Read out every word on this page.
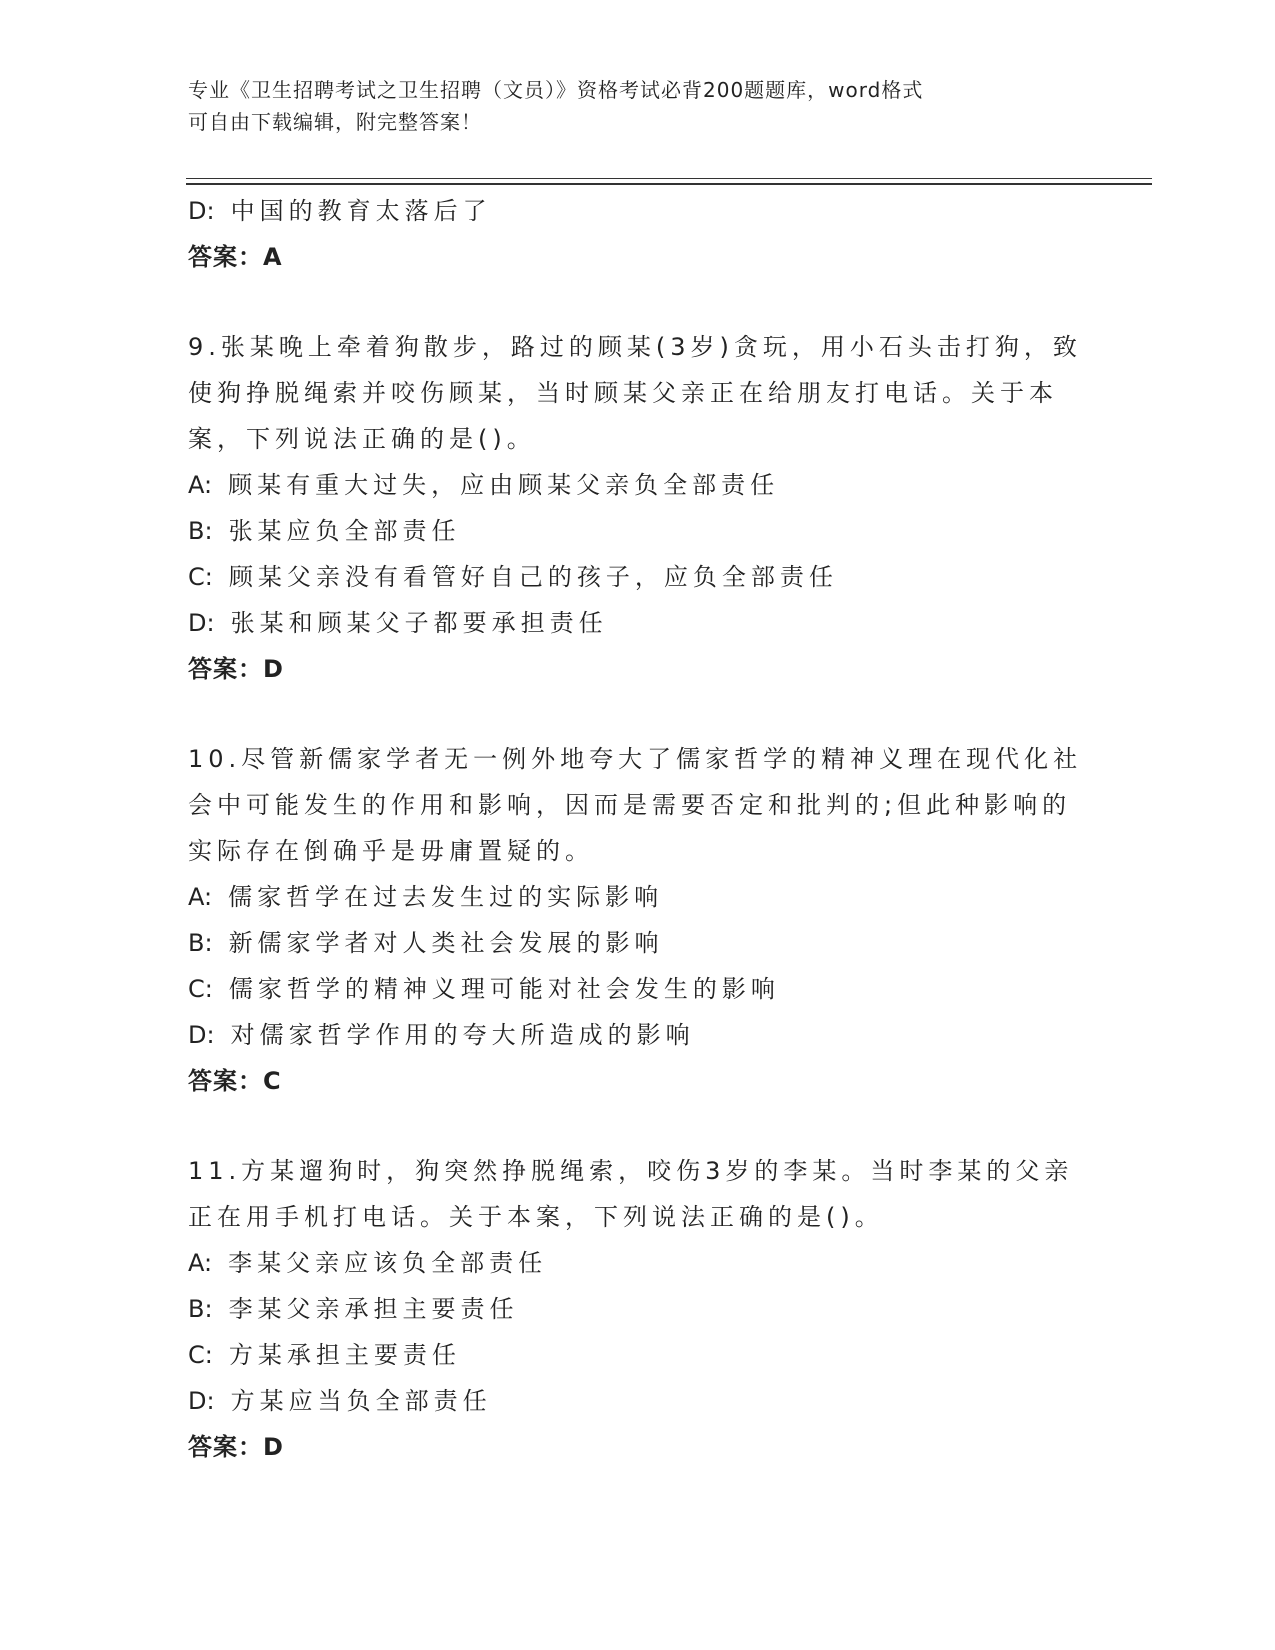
专业《卫生招聘考试之卫生招聘（文员）》资格考试必背200题题库，word格式
可自由下载编辑，附完整答案！
D: 中国的教育太落后了
答案：A
9.张某晚上牵着狗散步，路过的顾某(3岁)贪玩，用小石头击打狗，致
使狗挣脱绳索并咬伤顾某，当时顾某父亲正在给朋友打电话。关于本
案，下列说法正确的是()。
A: 顾某有重大过失，应由顾某父亲负全部责任
B: 张某应负全部责任
C: 顾某父亲没有看管好自己的孩子，应负全部责任
D: 张某和顾某父子都要承担责任
答案：D
10.尽管新儒家学者无一例外地夸大了儒家哲学的精神义理在现代化社
会中可能发生的作用和影响，因而是需要否定和批判的;但此种影响的
实际存在倒确乎是毋庸置疑的。
A: 儒家哲学在过去发生过的实际影响
B: 新儒家学者对人类社会发展的影响
C: 儒家哲学的精神义理可能对社会发生的影响
D: 对儒家哲学作用的夸大所造成的影响
答案：C
11.方某遛狗时，狗突然挣脱绳索，咬伤3岁的李某。当时李某的父亲
正在用手机打电话。关于本案，下列说法正确的是()。
A: 李某父亲应该负全部责任
B: 李某父亲承担主要责任
C: 方某承担主要责任
D: 方某应当负全部责任
答案：D
